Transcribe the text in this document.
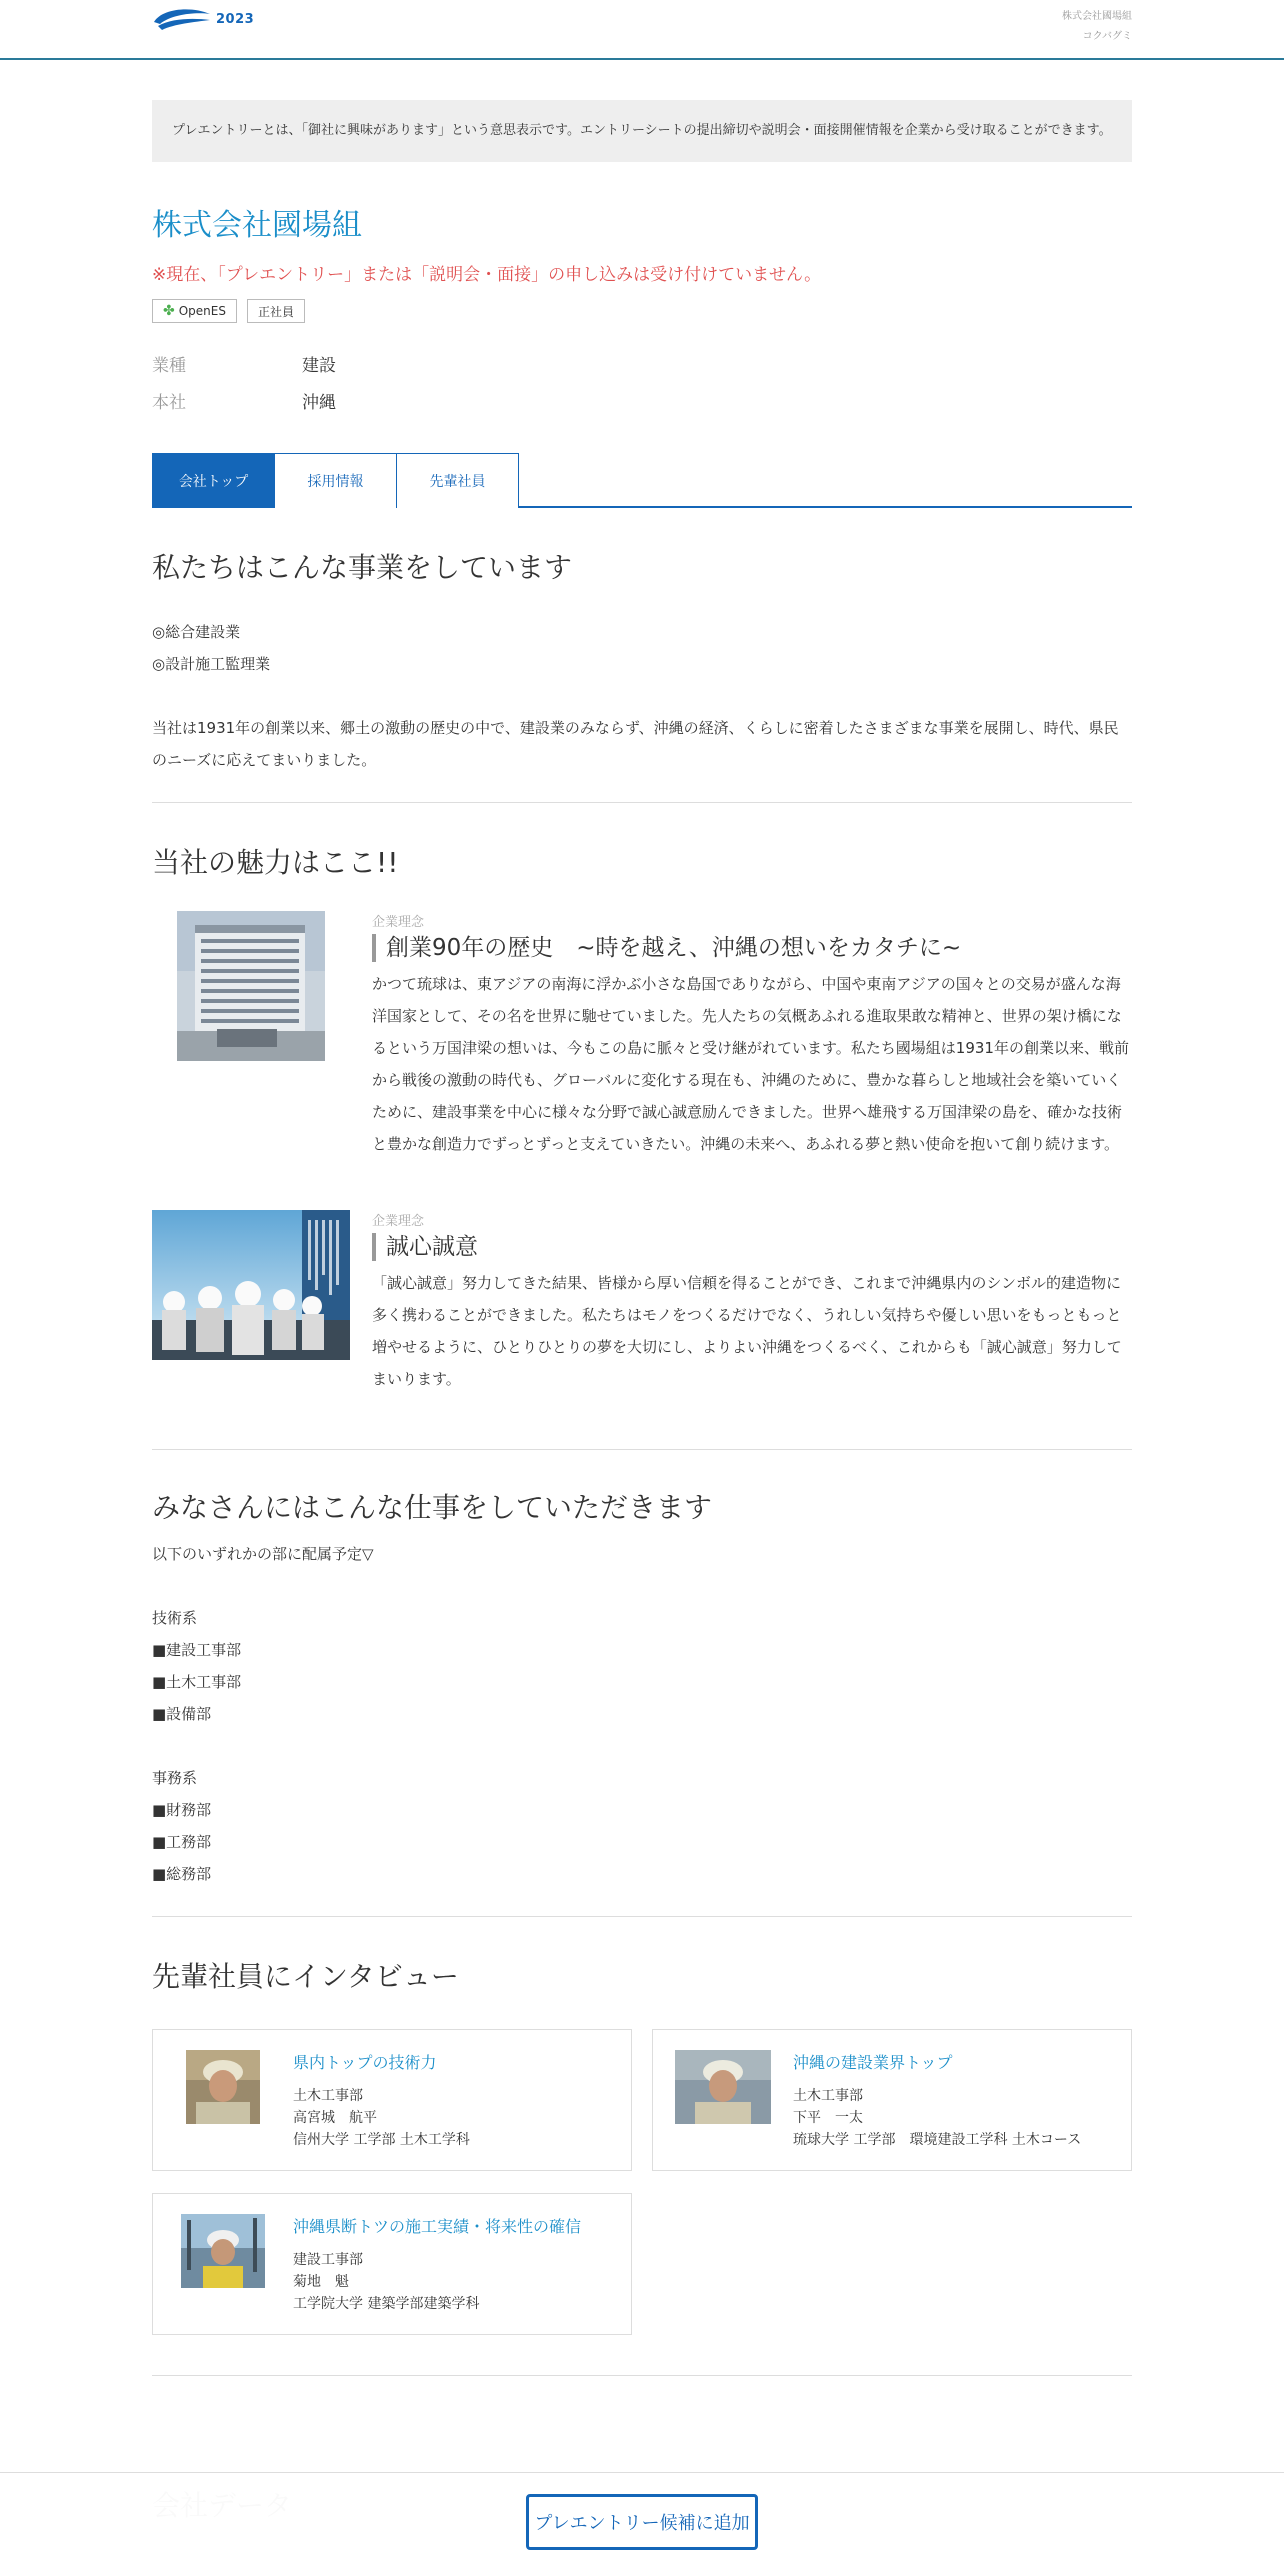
2023	株式会社國場組
コクバグミ
プレエントリーとは、「御社に興味があります」という意思表示です。エントリーシートの提出締切や説明会・面接開催情報を企業から受け取ることができます。
株式会社國場組
※現在、「プレエントリー」または「説明会・面接」の申し込みは受け付けていません。
✤ OpenES	正社員
業種	建設
本社	沖縄
会社トップ	採用情報	先輩社員
私たちはこんな事業をしています
◎総合建設業
◎設計施工監理業
当社は1931年の創業以来、郷土の激動の歴史の中で、建設業のみならず、沖縄の経済、くらしに密着したさまざまな事業を展開し、時代、県民のニーズに応えてまいりました。
当社の魅力はここ!!
企業理念
創業90年の歴史　~時を越え、沖縄の想いをカタチに~
かつて琉球は、東アジアの南海に浮かぶ小さな島国でありながら、中国や東南アジアの国々との交易が盛んな海洋国家として、その名を世界に馳せていました。先人たちの気概あふれる進取果敢な精神と、世界の架け橋になるという万国津梁の想いは、今もこの島に脈々と受け継がれています。私たち國場組は1931年の創業以来、戦前から戦後の激動の時代も、グローバルに変化する現在も、沖縄のために、豊かな暮らしと地域社会を築いていくために、建設事業を中心に様々な分野で誠心誠意励んできました。世界へ雄飛する万国津梁の島を、確かな技術と豊かな創造力でずっとずっと支えていきたい。沖縄の未来へ、あふれる夢と熱い使命を抱いて創り続けます。
企業理念
誠心誠意
「誠心誠意」努力してきた結果、皆様から厚い信頼を得ることができ、これまで沖縄県内のシンボル的建造物に多く携わることができました。私たちはモノをつくるだけでなく、うれしい気持ちや優しい思いをもっともっと増やせるように、ひとりひとりの夢を大切にし、よりよい沖縄をつくるべく、これからも「誠心誠意」努力してまいります。
みなさんにはこんな仕事をしていただきます
以下のいずれかの部に配属予定▽
技術系
■建設工事部
■土木工事部
■設備部
事務系
■財務部
■工務部
■総務部
先輩社員にインタビュー
県内トップの技術力
土木工事部
高宮城　航平
信州大学 工学部 土木工学科
沖縄の建設業界トップ
土木工事部
下平　一太
琉球大学 工学部　環境建設工学科 土木コース
沖縄県断トツの施工実績・将来性の確信
建設工事部
菊地　魁
工学院大学 建築学部建築学科
プレエントリー候補に追加
